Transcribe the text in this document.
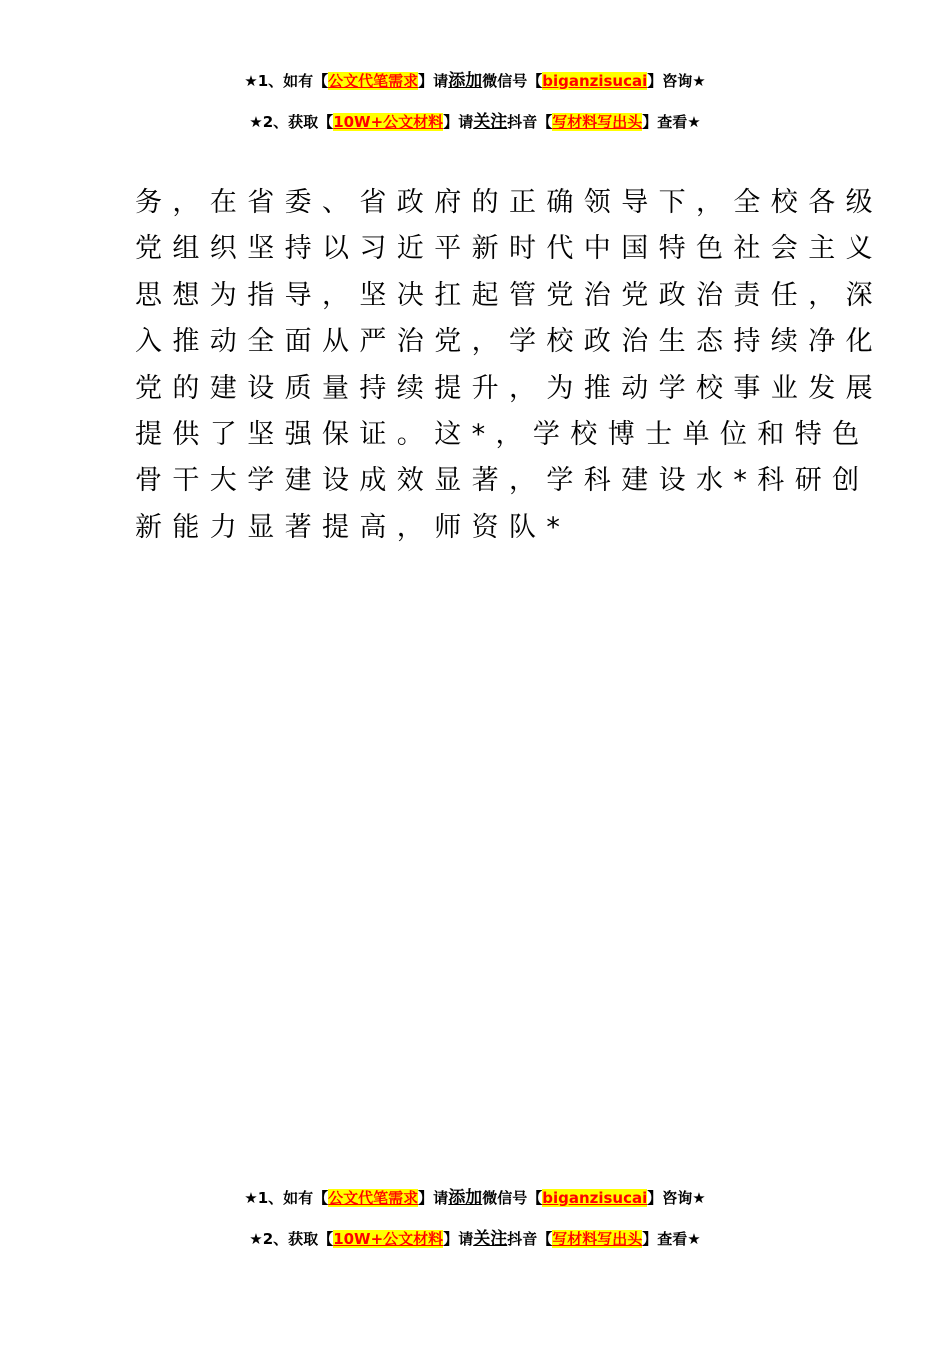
★1、如有【公文代笔需求】请添加微信号【biganzisucai】咨询★
★2、获取【10W+公文材料】请关注抖音【写材料写出头】查看★
务，在省委、省政府的正确领导下，全校各级
党组织坚持以习近平新时代中国特色社会主义
思想为指导，坚决扛起管党治党政治责任，深
入推动全面从严治党，学校政治生态持续净化
党的建设质量持续提升，为推动学校事业发展
提供了坚强保证。这*，学校博士单位和特色
骨干大学建设成效显著，学科建设水*科研创
新能力显著提高，师资队*
★1、如有【公文代笔需求】请添加微信号【biganzisucai】咨询★
★2、获取【10W+公文材料】请关注抖音【写材料写出头】查看★
